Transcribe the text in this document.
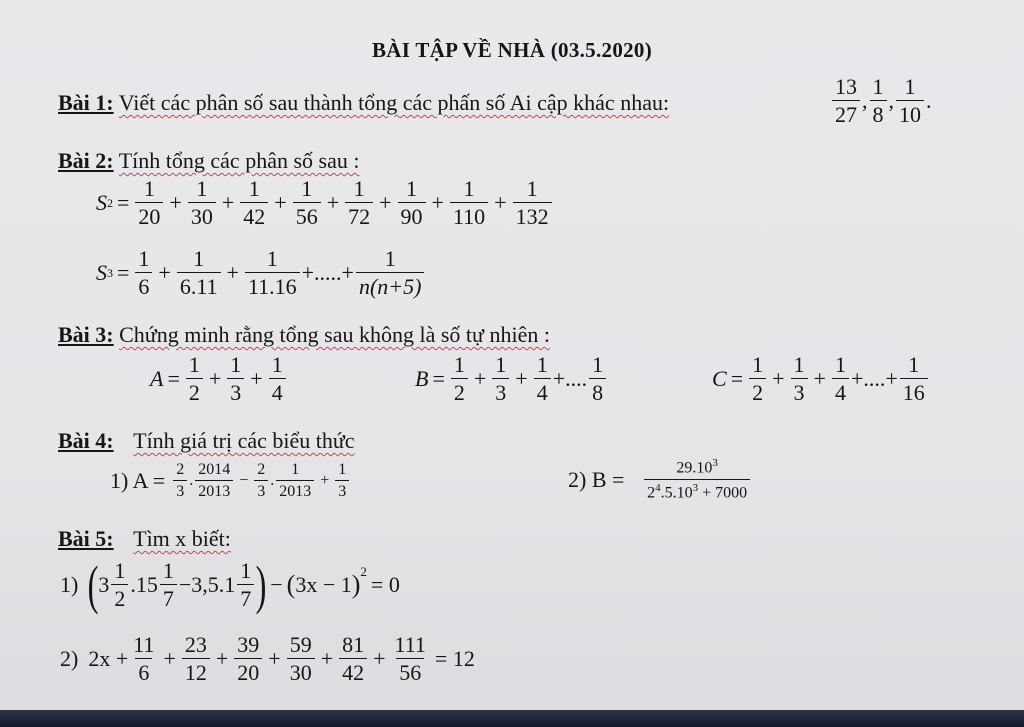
BÀI TẬP VỀ NHÀ (03.5.2020)
Bài 1: Viết các phân số sau thành tổng các phấn số Ai cập khác nhau:	$\frac{13}{27}$ , $\frac{1}{8}$ , $\frac{1}{10}$ .
Bài 2: Tính tổng các phân số sau :
S $2 = \frac{1}{20} + \frac{1}{30} + \frac{1}{42} + \frac{1}{56} + \frac{1}{72} + \frac{1}{90} + \frac{1}{110} + \frac{1}{132}$
S $3 = \frac{1}{6} + \frac{1}{6.11} + \frac{1}{11.16}$ +.....+ $\frac{1}{n(n+5)}$
Bài 3: Chứng minh rằng tổng sau không là số tự nhiên :
$A = \frac{1}{2} + \frac{1}{3} + \frac{1}{4}$	$B = \frac{1}{2} + \frac{1}{3} + \frac{1}{4}$ +.... $\frac{1}{8}$	$C = \frac{1}{2} + \frac{1}{3} + \frac{1}{4}$ +....+ $\frac{1}{16}$
Bài 4: Tính giá trị các biểu thức
1) $A = \frac{2}{3}$ . $\frac{2014}{2013} - \frac{2}{3}$ . $\frac{1}{2013} + \frac{1}{3}$	2) $B = \frac{29.10^3}{2^4.5.10^3 + 7000}$
Bài 5: Tìm x biết:
1) ( $3 \frac{1}{2} .15 \frac{1}{7} -3,5.1 \frac{1}{7}$ ) − ( 3x − 1 )$^2$
= 0
2) $2x + \frac{11}{6} + \frac{23}{12} + \frac{39}{20} + \frac{59}{30} + \frac{81}{42} + \frac{111}{56} = 12$
